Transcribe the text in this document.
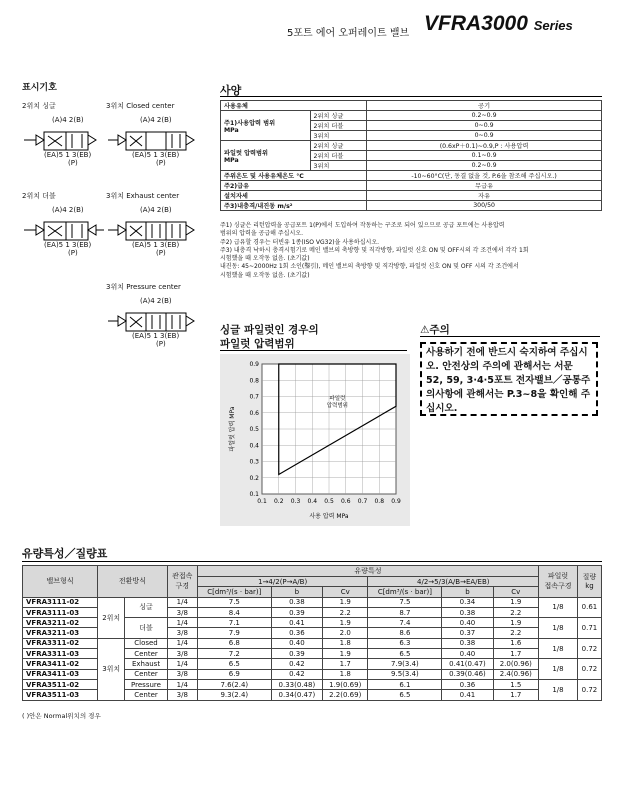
5포트 에어 오퍼레이트 밸브 VFRA3000 Series
표시기호
2위치 싱글	3위치 Closed center
2위치 더블	3위치 Exhaust center
3위치 Pressure center
(A)4 2(B)
(EA)5 1 3(EB)
(P)
(A)4 2(B)
(EA)5 1 3(EB)
(P)
(A)4 2(B)
(EA)5 1 3(EB)
(P)
(A)4 2(B)
(EA)5 1 3(EB)
(P)
(A)4 2(B)
(EA)5 1 3(EB)
(P)
사양
사용유체		공기
주1)사용압력 범위
MPa	2위치 싱글	0.2~0.9
	2위치 더블	0~0.9
	3위치	0~0.9
파일럿 압력범위
MPa	2위치 싱글	(0.6xP＋0.1)~0.9,P : 사용압력
	2위치 더블	0.1~0.9
	3위치	0.2~0.9
주위온도 및 사용유체온도 °C		-10~60°C(단, 동결 없을 것, P.6을 참조해 주십시오.)
주2)급유		무급유
설치자세		자유
주3)내충격/내진동 m/s²		300/50
주1) 싱글은 리턴압력을 공급포트 1(P)에서 도입하여 작동하는 구조로 되어 있으므로 공급 포트에는 사용압력
범위의 압력을 공급해 주십시오.
주2) 급유할 경우는 터빈유 1종(ISO VG32)을 사용하십시오.
주3) 내충격 낙하시 충격시험기로 메인 밸브의 축방향 및 직각방향, 파일럿 신호 ON 및 OFF시의 각 조건에서 각각 1회
시험했을 때 오작동 없음. (초기값)
내진동: 45~2000Hz 1회 소인(鑿引), 메인 밸브의 축방향 및 직각방향, 파일럿 신호 ON 및 OFF 시의 각 조건에서
시험했을 때 오작동 없음. (초기값)
싱글 파일럿인 경우의
파일럿 압력범위
0.1 0.2 0.3 0.4 0.5 0.6 0.7 0.8 0.9
0.1
0.2
0.3
0.4
0.5
0.6
0.7
0.8
0.9
파일럿
압력범위
사용 압력 MPa
파일럿 압력 MPa
⚠주의
사용하기 전에 반드시 숙지하여 주십시오. 안전상의 주의에 관해서는 서문 52, 59, 3·4·5포트 전자밸브／공통주의사항에 관해서는 P.3~8을 확인해 주십시오.
유량특성／질량표
밸브형식	전환방식		관접속
구경	유량특성						파일럿
접속구경	질량
kg
				1→4/2(P→A/B)			4/2→5/3(A/B→EA/EB)				
				C[dm³/(s · bar)]	b	Cv	C[dm³/(s · bar)]	b	Cv		
VFRA3111-02	2위치	싱글	1/4	7.5	0.38	1.9	7.5	0.34	1.9	1/8	0.61
VFRA3111-03			3/8	8.4	0.39	2.2	8.7	0.38	2.2		
VFRA3211-02		더블	1/4	7.1	0.41	1.9	7.4	0.40	1.9	1/8	0.71
VFRA3211-03			3/8	7.9	0.36	2.0	8.6	0.37	2.2		
VFRA3311-02	3위치	Closed	1/4	6.8	0.40	1.8	6.3	0.38	1.6	1/8	0.72
VFRA3311-03		Center	3/8	7.2	0.39	1.9	6.5	0.40	1.7		
VFRA3411-02		Exhaust	1/4	6.5	0.42	1.7	7.9(3.4)	0.41(0.47)	2.0(0.96)	1/8	0.72
VFRA3411-03		Center	3/8	6.9	0.42	1.8	9.5(3.4)	0.39(0.46)	2.4(0.96)		
VFRA3511-02		Pressure	1/4	7.6(2.4)	0.33(0.48)	1.9(0.69)	6.1	0.36	1.5	1/8	0.72
VFRA3511-03		Center	3/8	9.3(2.4)	0.34(0.47)	2.2(0.69)	6.5	0.41	1.7		
( )안은 Normal위치의 경우
